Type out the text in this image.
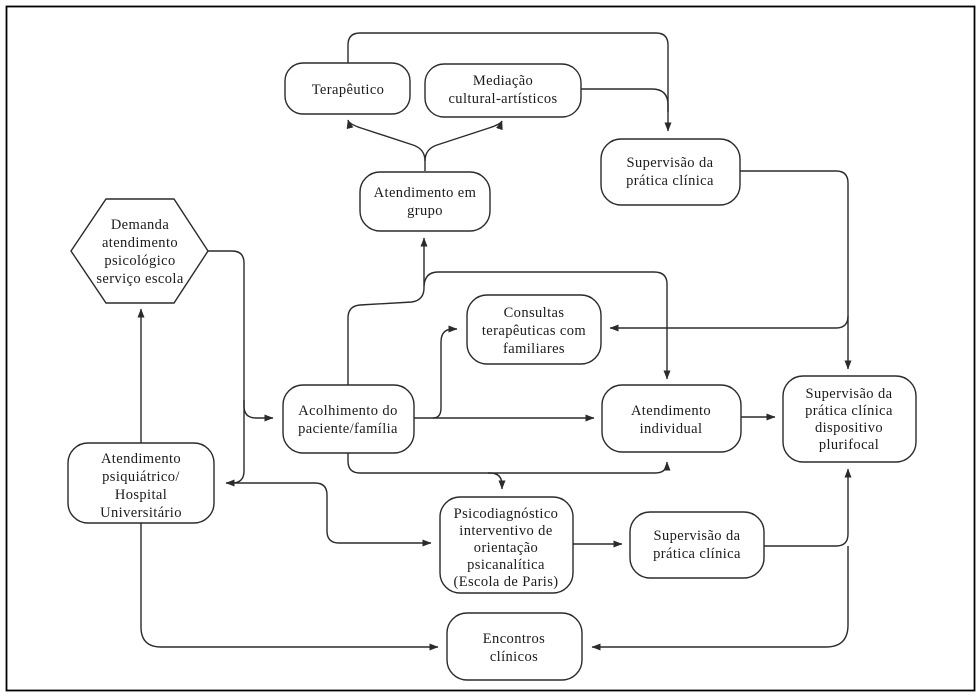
Terapêutico
Mediação
cultural-artísticos
Supervisão da
prática clínica
Atendimento em
grupo
Demanda
atendimento
psicológico
serviço escola
Consultas
terapêuticas com
familiares
Acolhimento do
paciente/família
Atendimento
individual
Supervisão da
prática clínica
dispositivo
plurifocal
Atendimento
psiquiátrico/
Hospital
Universitário	Psicodiagnóstico
interventivo de
orientação
psicanalítica
(Escola de Paris)
Supervisão da
prática clínica
Encontros
clínicos
